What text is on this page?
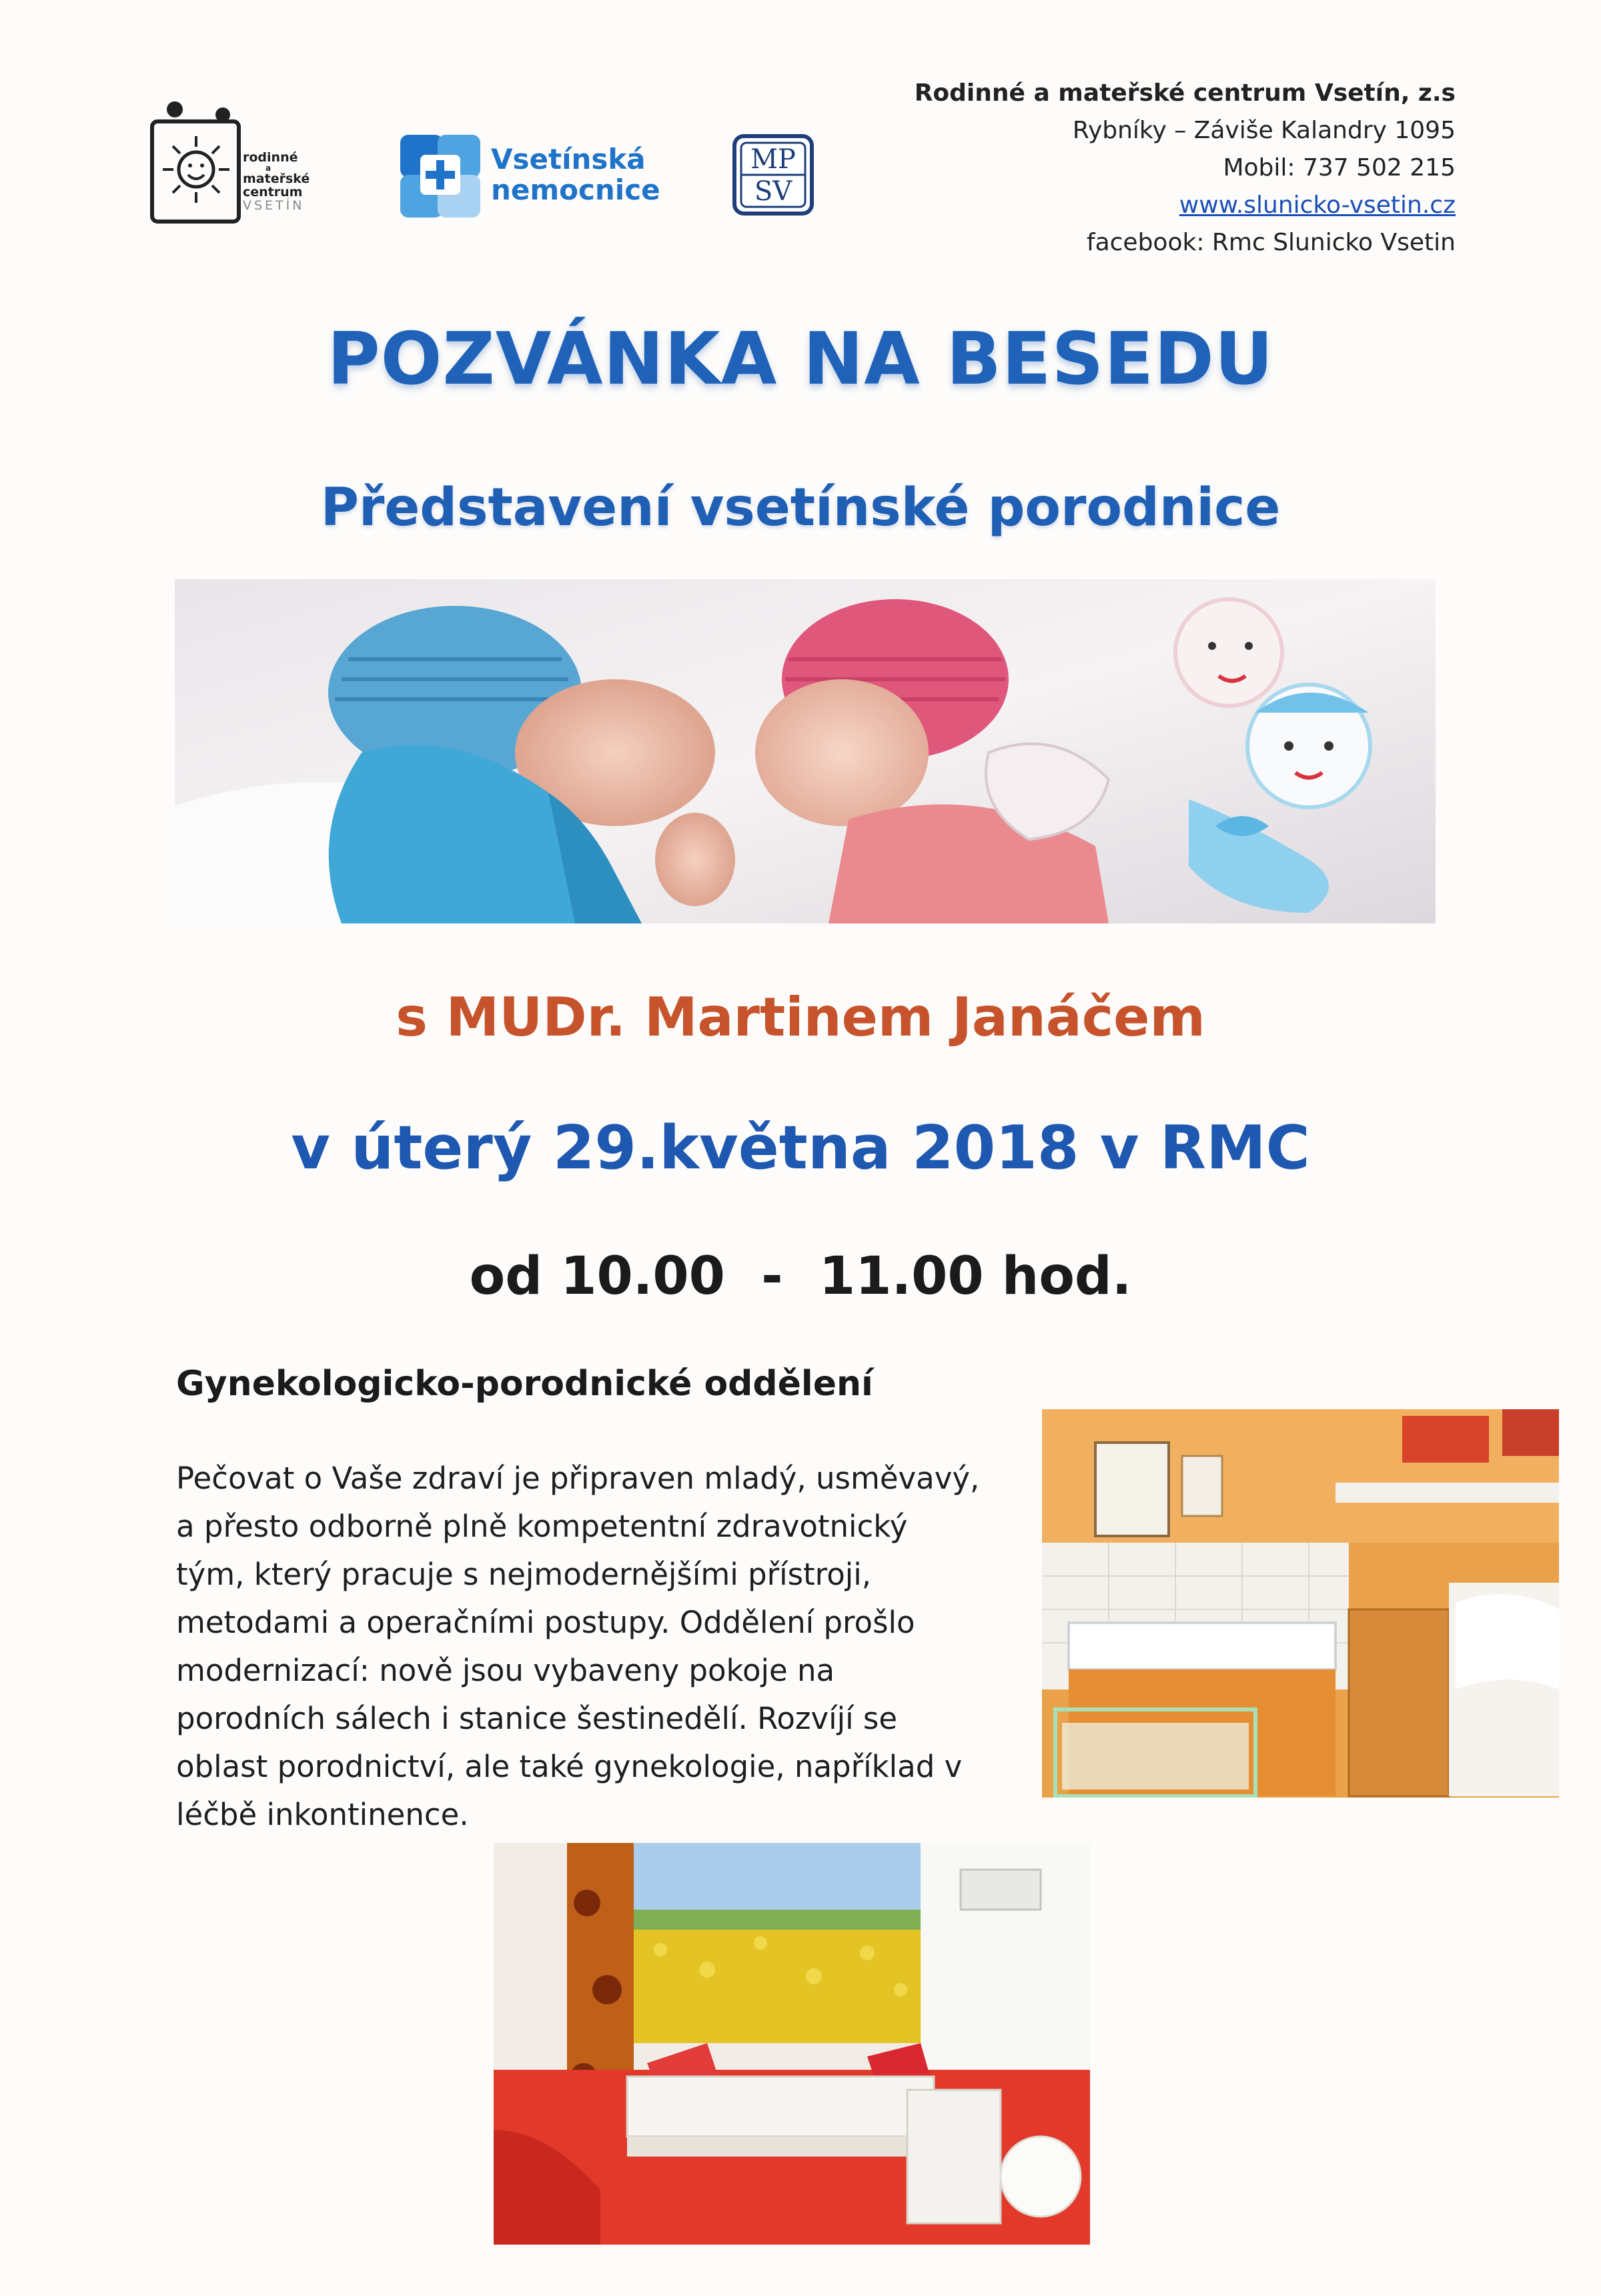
rodinné
a
mateřské
centrum
VSETÍN
Vsetínská
nemocnice
MP
SV
Rodinné a mateřské centrum Vsetín, z.s
Rybníky – Záviše Kalandry 1095
Mobil: 737 502 215
www.slunicko-vsetin.cz
facebook: Rmc Slunicko Vsetin
POZVÁNKA NA BESEDU
Představení vsetínské porodnice
s MUDr. Martinem Janáčem
v úterý 29.května 2018 v RMC
od 10.00  -  11.00 hod.
Gynekologicko-porodnické oddělení
Pečovat o Vaše zdraví je připraven mladý, usměvavý,
a přesto odborně plně kompetentní zdravotnický
tým, který pracuje s nejmodernějšími přístroji,
metodami a operačními postupy. Oddělení prošlo
modernizací: nově jsou vybaveny pokoje na
porodních sálech i stanice šestinedělí. Rozvíjí se
oblast porodnictví, ale také gynekologie, například v
léčbě inkontinence.
